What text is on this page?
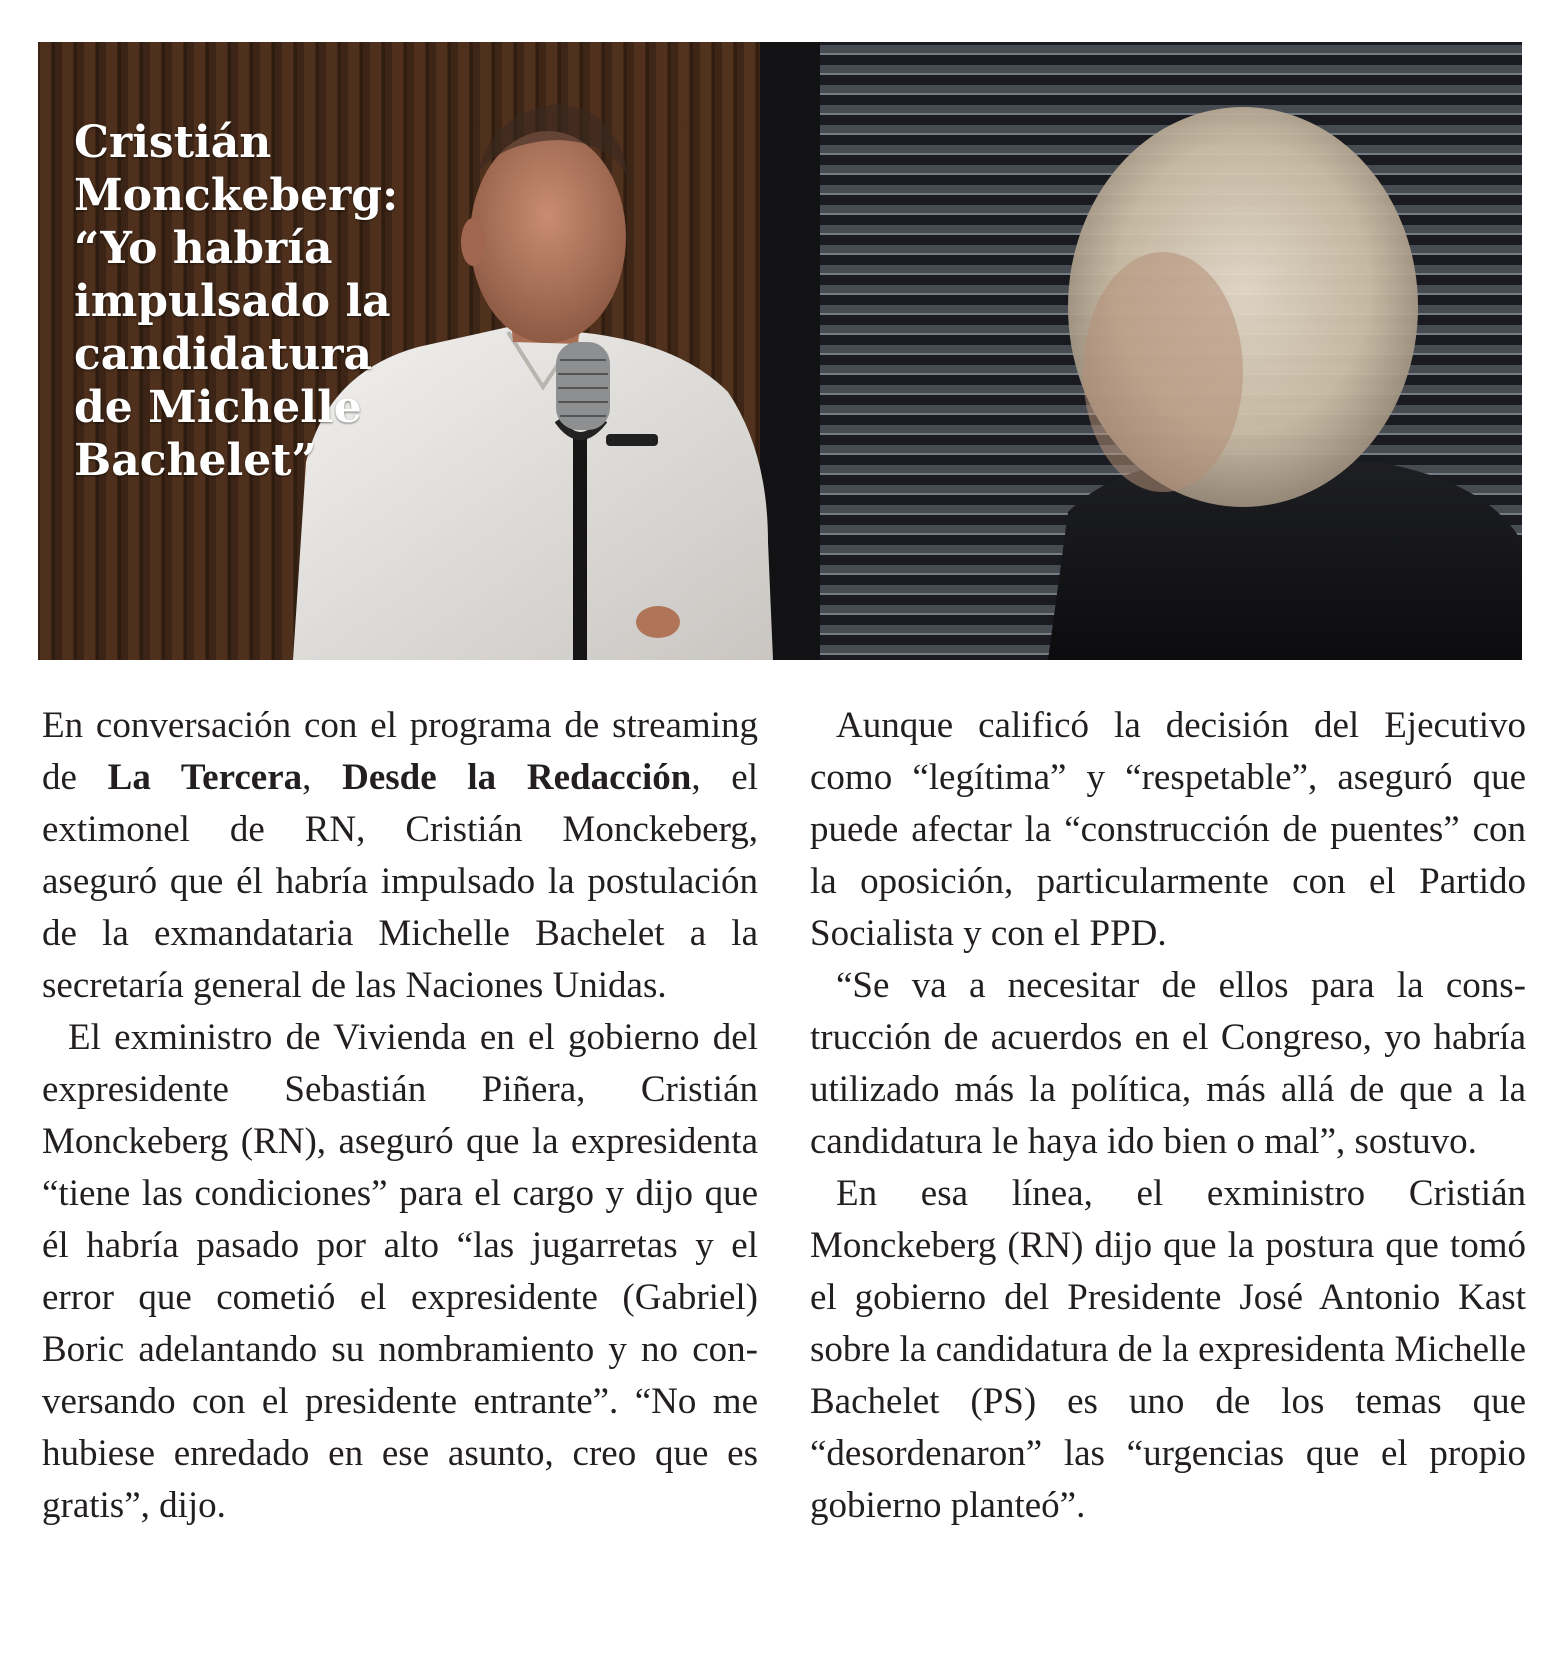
Cristián
Monckeberg:
“Yo habría
impulsado la
candidatura
de Michelle
Bachelet”

En conversación con el programa de streaming de La Tercera, Desde la Redacción, el extimonel de RN, Cristián Monckeberg, aseguró que él habría impulsado la postulación de la exmandataria Michelle Bachelet a la secretaría general de las Naciones Unidas.

El exministro de Vivienda en el gobierno del expresidente Sebastián Piñera, Cristián Monckeberg (RN), aseguró que la expresidenta “tiene las condiciones” para el cargo y dijo que él habría pasado por alto “las jugarretas y el error que cometió el expresidente (Gabriel) Boric adelantando su nombramiento y no conversando con el presidente entrante”. “No me hubiese enredado en ese asunto, creo que es gratis”, dijo.

Aunque calificó la decisión del Ejecutivo como “legítima” y “respetable”, aseguró que puede afectar la “construcción de puentes” con la oposición, particularmente con el Partido Socialista y con el PPD.

“Se va a necesitar de ellos para la construcción de acuerdos en el Congreso, yo habría utilizado más la política, más allá de que a la candidatura le haya ido bien o mal”, sostuvo.

En esa línea, el exministro Cristián Monckeberg (RN) dijo que la postura que tomó el gobierno del Presidente José Antonio Kast sobre la candidatura de la expresidenta Michelle Bachelet (PS) es uno de los temas que “desordenaron” las “urgencias que el propio gobierno planteó”.
